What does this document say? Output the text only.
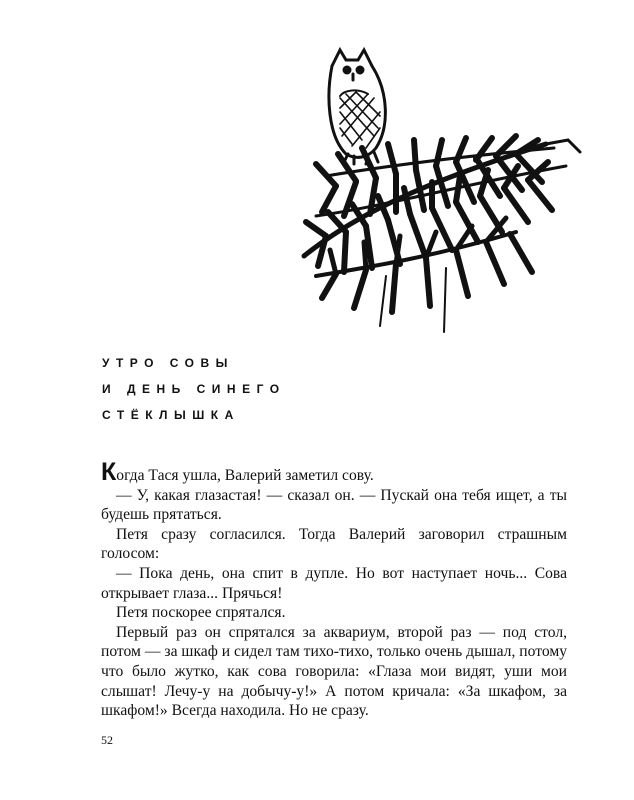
УТРО СОВЫ
И ДЕНЬ СИНЕГО
СТЁКЛЫШКА

Когда Тася ушла, Валерий заметил сову.

— У, какая глазастая! — сказал он. — Пускай она тебя ищет, а ты будешь прятаться.

Петя сразу согласился. Тогда Валерий заговорил страшным голосом:

— Пока день, она спит в дупле. Но вот наступает ночь... Сова открывает глаза... Прячься!

Петя поскорее спрятался.

Первый раз он спрятался за аквариум, второй раз — под стол, потом — за шкаф и сидел там тихо-тихо, только очень дышал, потому что было жутко, как сова говорила: «Глаза мои видят, уши мои слышат! Лечу-у на добычу-у!» А потом кричала: «За шкафом, за шкафом!» Всегда находила. Но не сразу.

52
